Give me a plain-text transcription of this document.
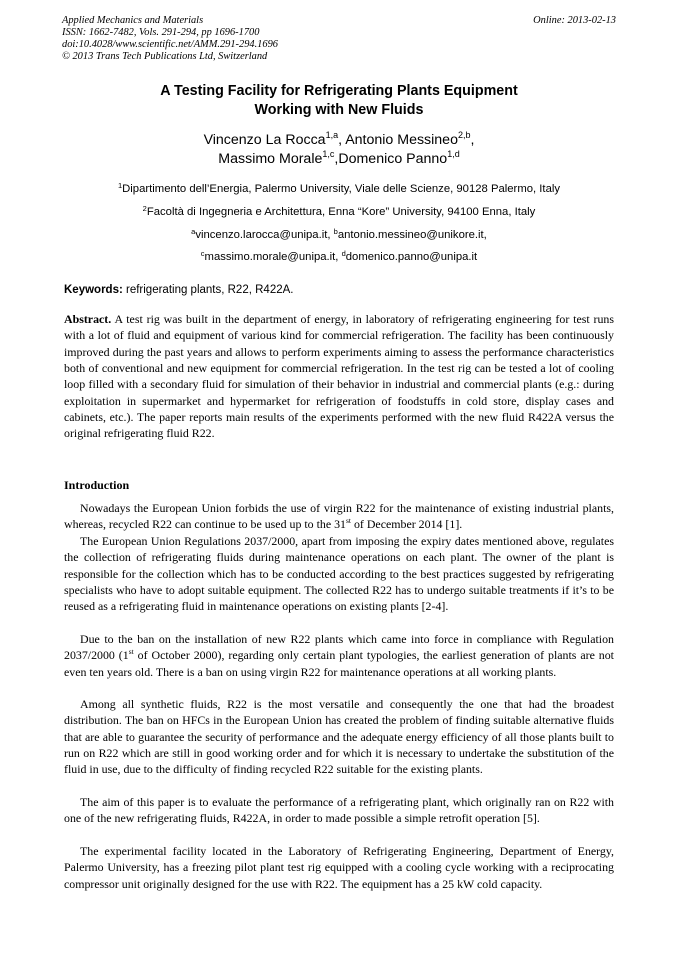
Applied Mechanics and Materials
ISSN: 1662-7482, Vols. 291-294, pp 1696-1700
doi:10.4028/www.scientific.net/AMM.291-294.1696
© 2013 Trans Tech Publications Ltd, Switzerland
Online: 2013-02-13
A Testing Facility for Refrigerating Plants Equipment
Working with New Fluids
Vincenzo La Rocca$^{1,a}$, Antonio Messineo$^{2,b}$,
Massimo Morale$^{1,c}$,Domenico Panno$^{1,d}$
$^1$Dipartimento dell’Energia, Palermo University, Viale delle Scienze, 90128 Palermo, Italy
$^2$Facoltà di Ingegneria e Architettura, Enna “Kore” University, 94100 Enna, Italy
$^a$vincenzo.larocca@unipa.it, $^b$antonio.messineo@unikore.it,
$^c$massimo.morale@unipa.it, $^d$domenico.panno@unipa.it
Keywords: refrigerating plants, R22, R422A.
Abstract. A test rig was built in the department of energy, in laboratory of refrigerating engineering for test runs with a lot of fluid and equipment of various kind for commercial refrigeration. The facility has been continuously improved during the past years and allows to perform experiments aiming to assess the performance characteristics both of conventional and new equipment for commercial refrigeration. In the test rig can be tested a lot of cooling loop filled with a secondary fluid for simulation of their behavior in industrial and commercial plants (e.g.: during exploitation in supermarket and hypermarket for refrigeration of foodstuffs in cold store, display cases and cabinets, etc.). The paper reports main results of the experiments performed with the new fluid R422A versus the original refrigerating fluid R22.
Introduction
Nowadays the European Union forbids the use of virgin R22 for the maintenance of existing industrial plants, whereas, recycled R22 can continue to be used up to the 31st of December 2014 [1].
The European Union Regulations 2037/2000, apart from imposing the expiry dates mentioned above, regulates the collection of refrigerating fluids during maintenance operations on each plant. The owner of the plant is responsible for the collection which has to be conducted according to the best practices suggested by refrigerating specialists who have to adopt suitable equipment. The collected R22 has to undergo suitable treatments if it’s to be reused as a refrigerating fluid in maintenance operations on existing plants [2-4].
Due to the ban on the installation of new R22 plants which came into force in compliance with Regulation 2037/2000 (1st of October 2000), regarding only certain plant typologies, the earliest generation of plants are not even ten years old. There is a ban on using virgin R22 for maintenance operations at all working plants.
Among all synthetic fluids, R22 is the most versatile and consequently the one that had the broadest distribution. The ban on HFCs in the European Union has created the problem of finding suitable alternative fluids that are able to guarantee the security of performance and the adequate energy efficiency of all those plants built to run on R22 which are still in good working order and for which it is necessary to undertake the substitution of the fluid in use, due to the difficulty of finding recycled R22 suitable for the existing plants.
The aim of this paper is to evaluate the performance of a refrigerating plant, which originally ran on R22 with one of the new refrigerating fluids, R422A, in order to made possible a simple retrofit operation [5].
The experimental facility located in the Laboratory of Refrigerating Engineering, Department of Energy, Palermo University, has a freezing pilot plant test rig equipped with a cooling cycle working with a reciprocating compressor unit originally designed for the use with R22. The equipment has a 25 kW cold capacity.
